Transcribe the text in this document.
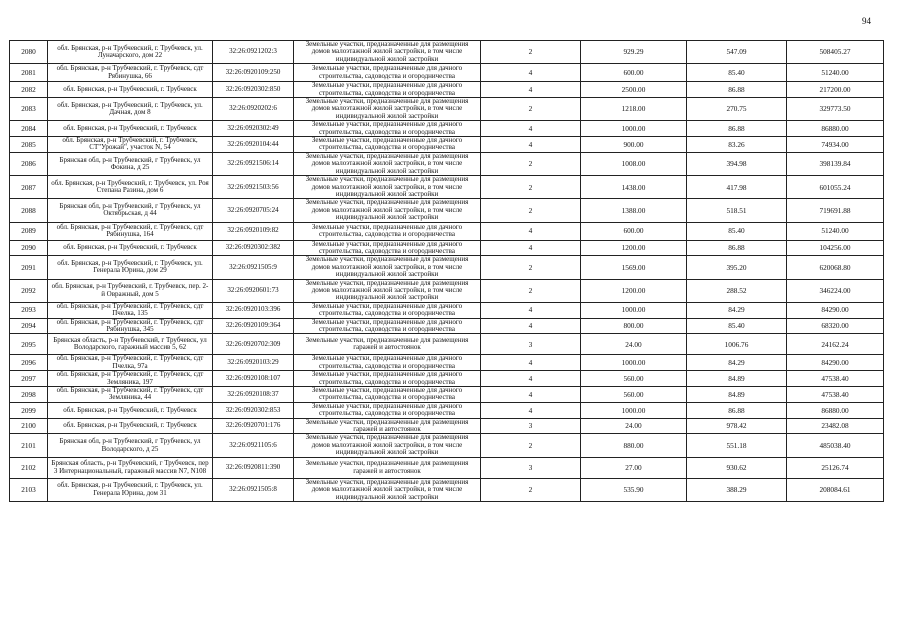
94
2080	обл. Брянская, р-н Трубчевский, г. Трубчевск, ул. Луначарского, дом 22	32:26:0921202:3	Земельные участки, предназначенные для размещения домов малоэтажной жилой застройки, в том числе индивидуальной жилой застройки	2	929.29	547.09	508405.27
2081	обл. Брянская, р-н Трубчевский, г. Трубчевск, сдт Рябинушка, 66	32:26:0920109:250	Земельные участки, предназначенные для дачного строительства, садоводства и огородничества	4	600.00	85.40	51240.00
2082	обл. Брянская, р-н Трубчевский, г. Трубчевск	32:26:0920302:850	Земельные участки, предназначенные для дачного строительства, садоводства и огородничества	4	2500.00	86.88	217200.00
2083	обл. Брянская, р-н Трубчевский, г. Трубчевск, ул. Дачная, дом 8	32:26:0920202:6	Земельные участки, предназначенные для размещения домов малоэтажной жилой застройки, в том числе индивидуальной жилой застройки	2	1218.00	270.75	329773.50
2084	обл. Брянская, р-н Трубчевский, г. Трубчевск	32:26:0920302:49	Земельные участки, предназначенные для дачного строительства, садоводства и огородничества	4	1000.00	86.88	86880.00
2085	обл. Брянская, р-н Трубчевский, г. Трубчевск, СТ"Урожай", участок N, 54	32:26:0920104:44	Земельные участки, предназначенные для дачного строительства, садоводства и огородничества	4	900.00	83.26	74934.00
2086	Брянская обл, р-н Трубчевский, г Трубчевск, ул Фокина, д 25	32:26:0921506:14	Земельные участки, предназначенные для размещения домов малоэтажной жилой застройки, в том числе индивидуальной жилой застройки	2	1008.00	394.98	398139.84
2087	обл. Брянская, р-н Трубчевский, г. Трубчевск, ул. Роя Степана Разина, дом 6	32:26:0921503:56	Земельные участки, предназначенные для размещения домов малоэтажной жилой застройки, в том числе индивидуальной жилой застройки	2	1438.00	417.98	601055.24
2088	Брянская обл, р-н Трубчевский, г Трубчевск, ул Октябрьская, д 44	32:26:0920705:24	Земельные участки, предназначенные для размещения домов малоэтажной жилой застройки, в том числе индивидуальной жилой застройки	2	1388.00	518.51	719691.88
2089	обл. Брянская, р-н Трубчевский, г. Трубчевск, сдт Рябинушка, 164	32:26:0920109:82	Земельные участки, предназначенные для дачного строительства, садоводства и огородничества	4	600.00	85.40	51240.00
2090	обл. Брянская, р-н Трубчевский, г. Трубчевск	32:26:0920302:382	Земельные участки, предназначенные для дачного строительства, садоводства и огородничества	4	1200.00	86.88	104256.00
2091	обл. Брянская, р-н Трубчевский, г. Трубчевск, ул. Генерала Юрина, дом 29	32:26:0921505:9	Земельные участки, предназначенные для размещения домов малоэтажной жилой застройки, в том числе индивидуальной жилой застройки	2	1569.00	395.20	620068.80
2092	обл. Брянская, р-н Трубчевский, г. Трубчевск, пер. 2-й Овражный, дом 5	32:26:0920601:73	Земельные участки, предназначенные для размещения домов малоэтажной жилой застройки, в том числе индивидуальной жилой застройки	2	1200.00	288.52	346224.00
2093	обл. Брянская, р-н Трубчевский, г. Трубчевск, сдт Пчелка, 135	32:26:0920103:396	Земельные участки, предназначенные для дачного строительства, садоводства и огородничества	4	1000.00	84.29	84290.00
2094	обл. Брянская, р-н Трубчевский, г. Трубчевск, сдт Рябинушка, 345	32:26:0920109:364	Земельные участки, предназначенные для дачного строительства, садоводства и огородничества	4	800.00	85.40	68320.00
2095	Брянская область, р-н Трубчевский, г Трубчевск, ул Володарского, гаражный массив 5, 62	32:26:0920702:309	Земельные участки, предназначенные для размещения гаражей и автостоянок	3	24.00	1006.76	24162.24
2096	обл. Брянская, р-н Трубчевский, г. Трубчевск, сдт Пчелка, 97а	32:26:0920103:29	Земельные участки, предназначенные для дачного строительства, садоводства и огородничества	4	1000.00	84.29	84290.00
2097	обл. Брянская, р-н Трубчевский, г. Трубчевск, сдт Земляника, 197	32:26:0920108:107	Земельные участки, предназначенные для дачного строительства, садоводства и огородничества	4	560.00	84.89	47538.40
2098	обл. Брянская, р-н Трубчевский, г. Трубчевск, сдт Земляника, 44	32:26:0920108:37	Земельные участки, предназначенные для дачного строительства, садоводства и огородничества	4	560.00	84.89	47538.40
2099	обл. Брянская, р-н Трубчевский, г. Трубчевск	32:26:0920302:853	Земельные участки, предназначенные для дачного строительства, садоводства и огородничества	4	1000.00	86.88	86880.00
2100	обл. Брянская, р-н Трубчевский, г. Трубчевск	32:26:0920701:176	Земельные участки, предназначенные для размещения гаражей и автостоянок	3	24.00	978.42	23482.08
2101	Брянская обл, р-н Трубчевский, г Трубчевск, ул Володарского, д 25	32:26:0921105:6	Земельные участки, предназначенные для размещения домов малоэтажной жилой застройки, в том числе индивидуальной жилой застройки	2	880.00	551.18	485038.40
2102	Брянская область, р-н Трубчевский, г Трубчевск, пер 3 Интернациональный, гаражный массив N7, N108	32:26:0920811:390	Земельные участки, предназначенные для размещения гаражей и автостоянок	3	27.00	930.62	25126.74
2103	обл. Брянская, р-н Трубчевский, г. Трубчевск, ул. Генерала Юрина, дом 31	32:26:0921505:8	Земельные участки, предназначенные для размещения домов малоэтажной жилой застройки, в том числе индивидуальной жилой застройки	2	535.90	388.29	208084.61
